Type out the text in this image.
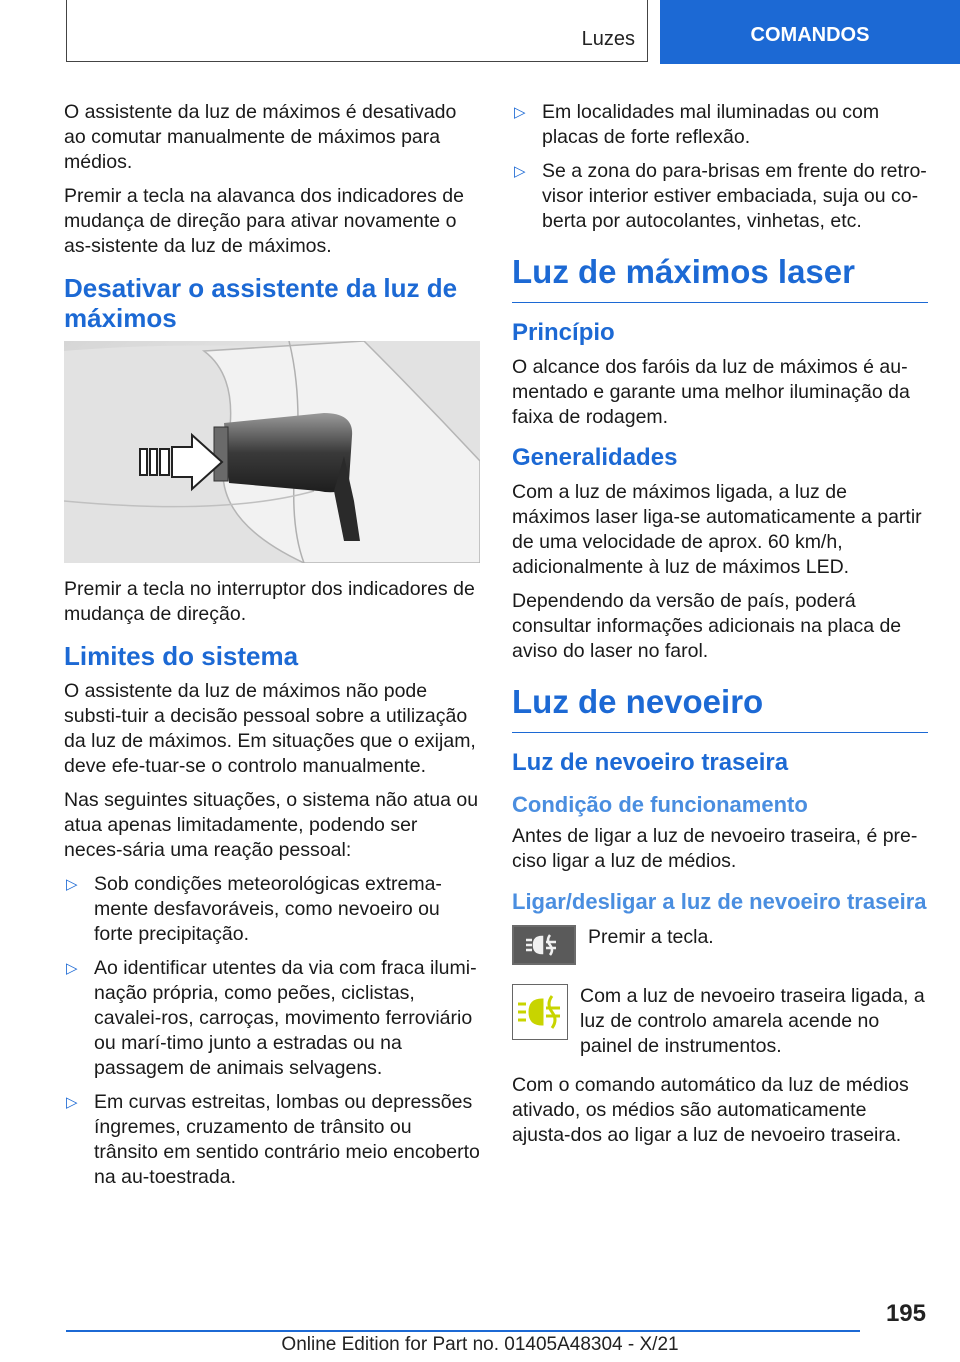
Luzes	COMANDOS

O assistente da luz de máximos é desativado ao comutar manualmente de máximos para médios.

Premir a tecla na alavanca dos indicadores de mudança de direção para ativar novamente o as-sistente da luz de máximos.

Desativar o assistente da luz de máximos

Premir a tecla no interruptor dos indicadores de mudança de direção.

Limites do sistema

O assistente da luz de máximos não pode substi-tuir a decisão pessoal sobre a utilização da luz de máximos. Em situações que o exijam, deve efe-tuar-se o controlo manualmente.

Nas seguintes situações, o sistema não atua ou atua apenas limitadamente, podendo ser neces-sária uma reação pessoal:

▷ Sob condições meteorológicas extrema-mente desfavoráveis, como nevoeiro ou forte precipitação.
▷ Ao identificar utentes da via com fraca ilumi-nação própria, como peões, ciclistas, cavalei-ros, carroças, movimento ferroviário ou marí-timo junto a estradas ou na passagem de animais selvagens.
▷ Em curvas estreitas, lombas ou depressões íngremes, cruzamento de trânsito ou trânsito em sentido contrário meio encoberto na au-toestrada.
▷ Em localidades mal iluminadas ou com placas de forte reflexão.
▷ Se a zona do para-brisas em frente do retro-visor interior estiver embaciada, suja ou co-berta por autocolantes, vinhetas, etc.
Luz de máximos laser
Princípio

O alcance dos faróis da luz de máximos é au-mentado e garante uma melhor iluminação da faixa de rodagem.

Generalidades

Com a luz de máximos ligada, a luz de máximos laser liga-se automaticamente a partir de uma velocidade de aprox. 60 km/h, adicionalmente à luz de máximos LED.

Dependendo da versão de país, poderá consultar informações adicionais na placa de aviso do laser no farol.

Luz de nevoeiro
Luz de nevoeiro traseira
Condição de funcionamento

Antes de ligar a luz de nevoeiro traseira, é pre-ciso ligar a luz de médios.

Ligar/desligar a luz de nevoeiro traseira

Premir a tecla.

Com a luz de nevoeiro traseira ligada, a luz de controlo amarela acende no painel de instrumentos.

Com o comando automático da luz de médios ativado, os médios são automaticamente ajusta-dos ao ligar a luz de nevoeiro traseira.

195
Online Edition for Part no. 01405A48304 - X/21
